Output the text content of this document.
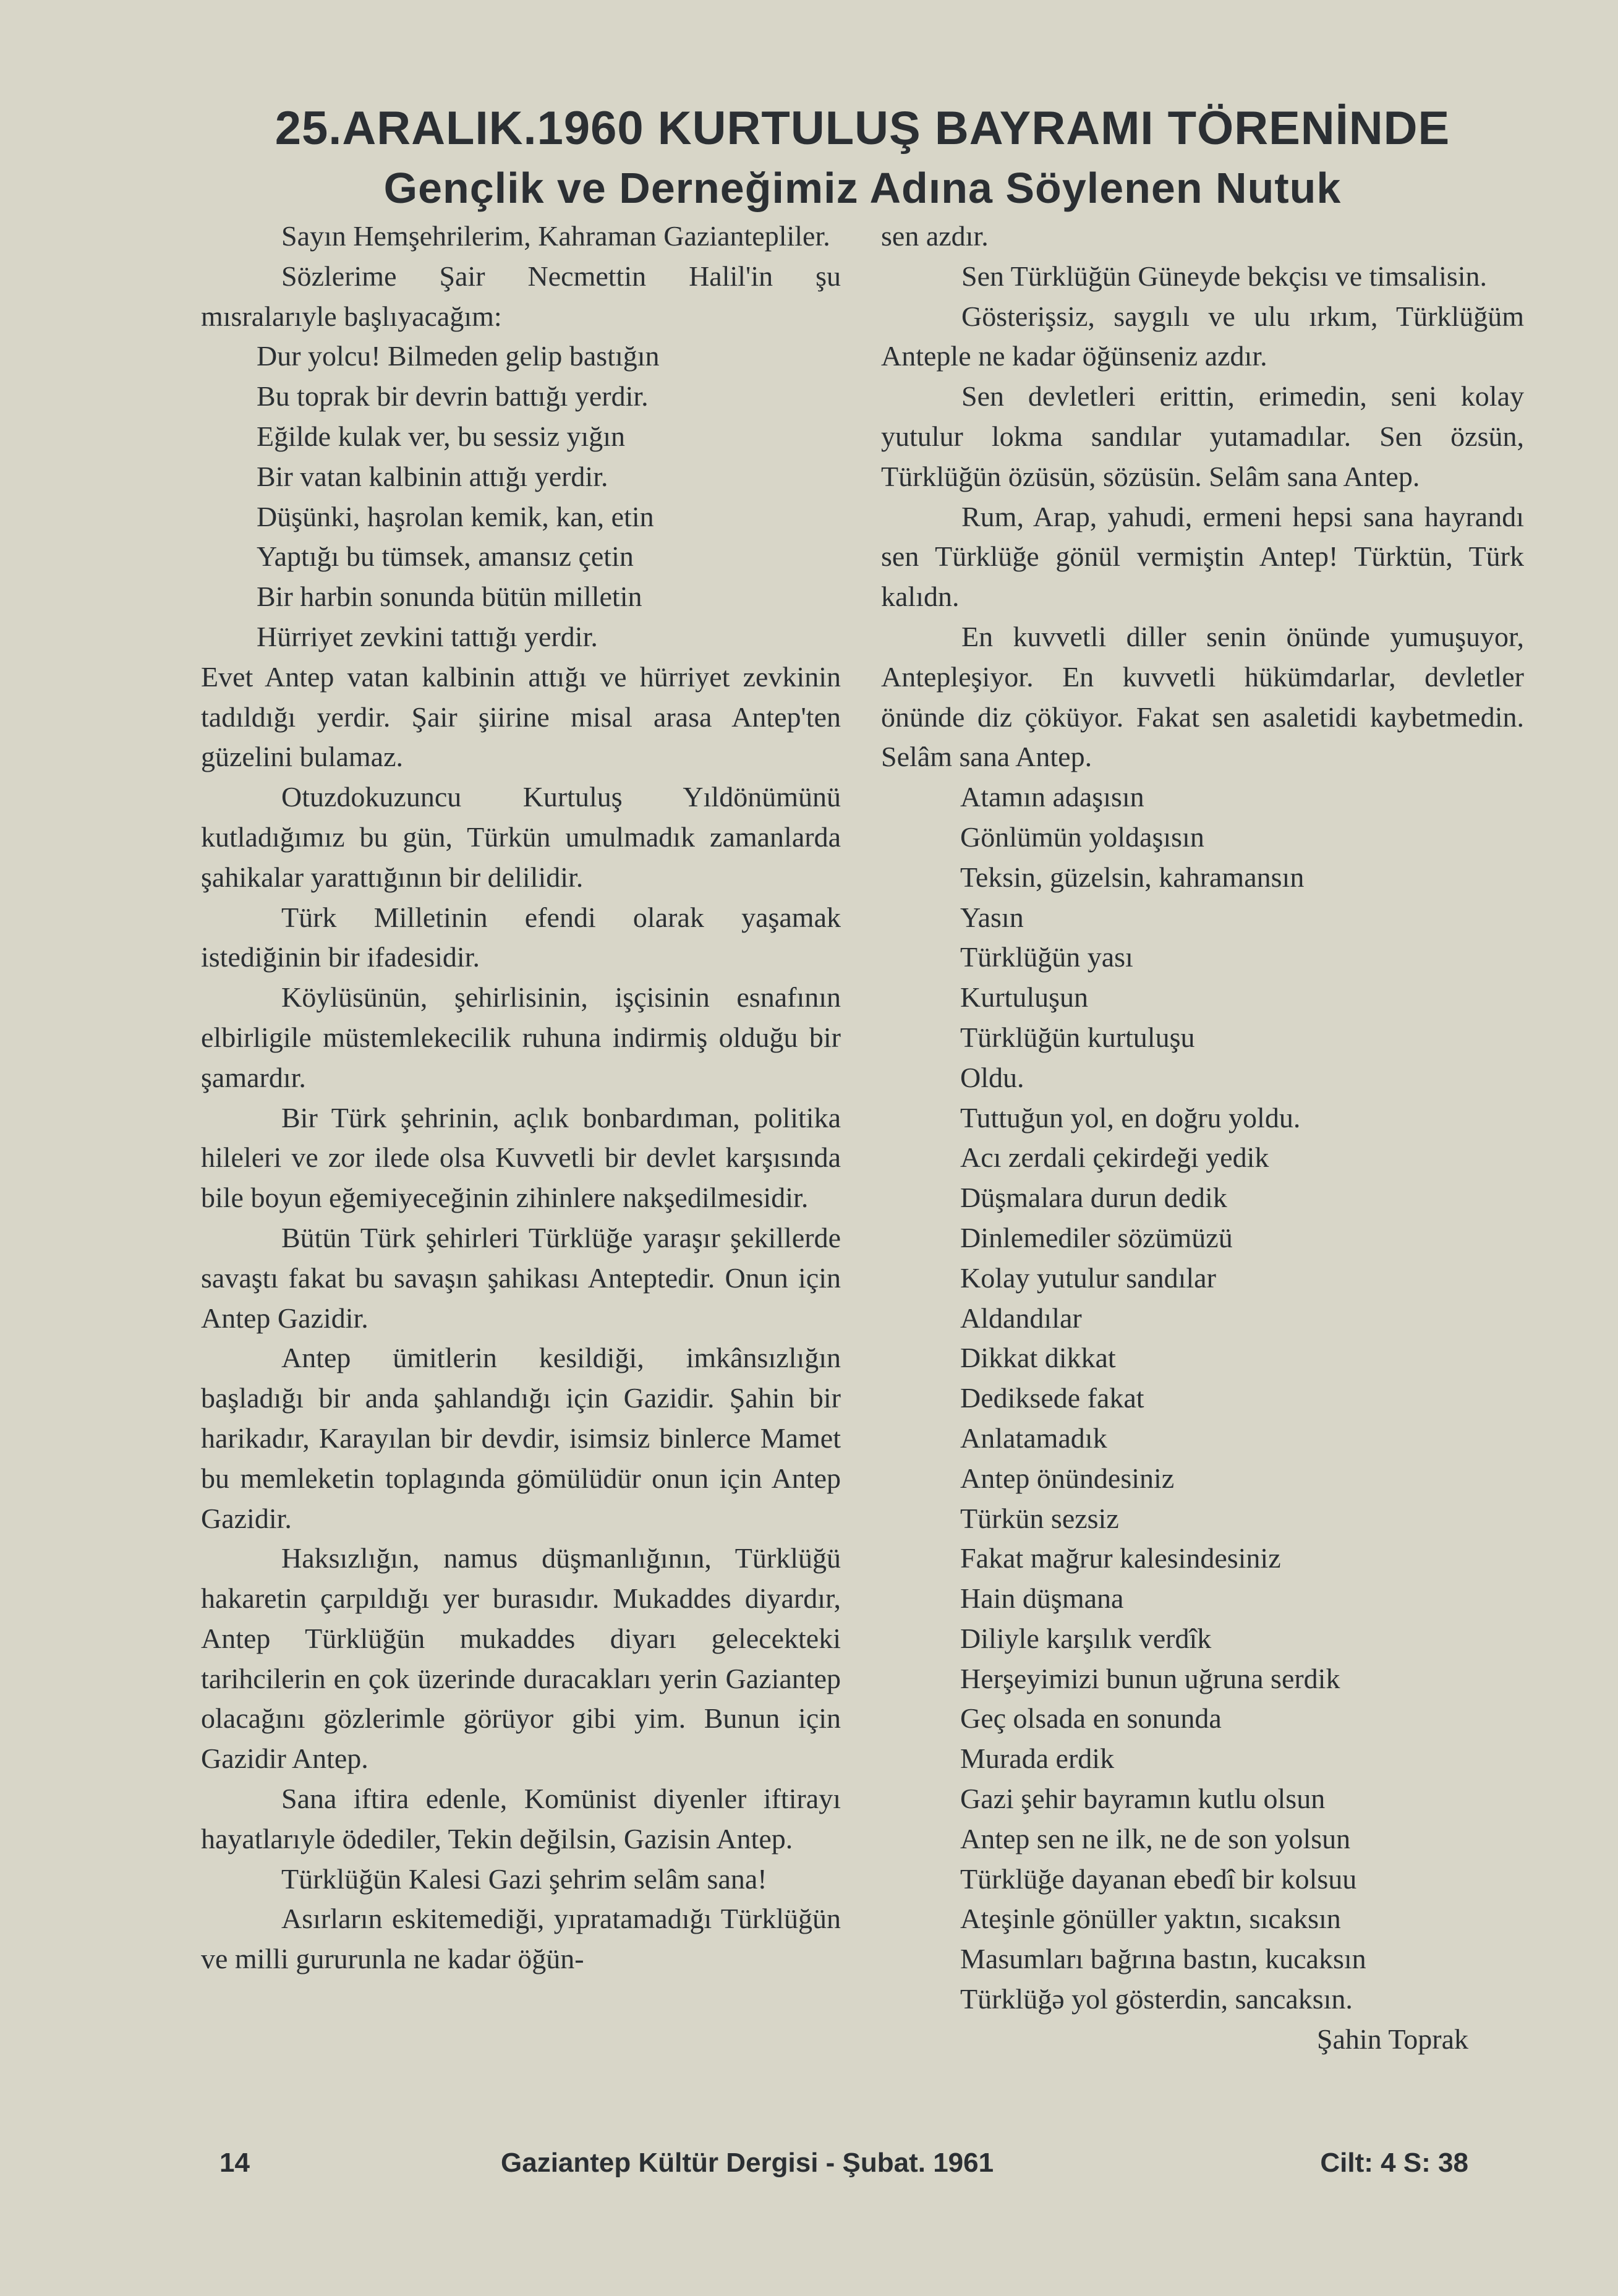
25.ARALIK.1960 KURTULUŞ BAYRAMI TÖRENİNDE
Gençlik ve Derneğimiz Adına Söylenen Nutuk

Sayın Hemşehrilerim, Kahraman Gaziantepliler.

Sözlerime Şair Necmettin Halil'in şu mısralarıyle başlıyacağım:

Dur yolcu! Bilmeden gelip bastığın
Bu toprak bir devrin battığı yerdir.
Eğilde kulak ver, bu sessiz yığın
Bir vatan kalbinin attığı yerdir.
Düşünki, haşrolan kemik, kan, etin
Yaptığı bu tümsek, amansız çetin
Bir harbin sonunda bütün milletin
Hürriyet zevkini tattığı yerdir.

Evet Antep vatan kalbinin attığı ve hürriyet zevkinin tadıldığı yerdir. Şair şiirine misal arasa Antep'ten güzelini bulamaz.

Otuzdokuzuncu Kurtuluş Yıldönümünü kutladığımız bu gün, Türkün umulmadık zamanlarda şahikalar yarattığının bir delilidir.

Türk Milletinin efendi olarak yaşamak istediğinin bir ifadesidir.

Köylüsünün, şehirlisinin, işçisinin esnafının elbirligile müstemlekecilik ruhuna indirmiş olduğu bir şamardır.

Bir Türk şehrinin, açlık bonbardıman, politika hileleri ve zor ilede olsa Kuvvetli bir devlet karşısında bile boyun eğemiyeceğinin zihinlere nakşedilmesidir.

Bütün Türk şehirleri Türklüğe yaraşır şekillerde savaştı fakat bu savaşın şahikası Anteptedir. Onun için Antep Gazidir.

Antep ümitlerin kesildiği, imkânsızlığın başladığı bir anda şahlandığı için Gazidir. Şahin bir harikadır, Karayılan bir devdir, isimsiz binlerce Mamet bu memleketin toplagında gömülüdür onun için Antep Gazidir.

Haksızlığın, namus düşmanlığının, Türklüğü hakaretin çarpıldığı yer burasıdır. Mukaddes diyardır, Antep Türklüğün mukaddes diyarı gelecekteki tarihcilerin en çok üzerinde duracakları yerin Gaziantep olacağını gözlerimle görüyor gibi yim. Bunun için Gazidir Antep.

Sana iftira edenle, Komünist diyenler iftirayı hayatlarıyle ödediler, Tekin değilsin, Gazisin Antep.

Türklüğün Kalesi Gazi şehrim selâm sana!

Asırların eskitemediği, yıpratamadığı Türklüğün ve milli gururunla ne kadar öğün-

sen azdır.

Sen Türklüğün Güneyde bekçisı ve timsalisin.

Gösterişsiz, saygılı ve ulu ırkım, Türklüğüm Anteple ne kadar öğünseniz azdır.

Sen devletleri erittin, erimedin, seni kolay yutulur lokma sandılar yutamadılar. Sen özsün, Türklüğün özüsün, sözüsün. Selâm sana Antep.

Rum, Arap, yahudi, ermeni hepsi sana hayrandı sen Türklüğe gönül vermiştin Antep! Türktün, Türk kalıdn.

En kuvvetli diller senin önünde yumuşuyor, Antepleşiyor. En kuvvetli hükümdarlar, devletler önünde diz çöküyor. Fakat sen asaletidi kaybetmedin. Selâm sana Antep.

Atamın adaşısın
Gönlümün yoldaşısın
Teksin, güzelsin, kahramansın
Yasın
Türklüğün yası
Kurtuluşun
Türklüğün kurtuluşu
Oldu.
Tuttuğun yol, en doğru yoldu.
Acı zerdali çekirdeği yedik
Düşmalara durun dedik
Dinlemediler sözümüzü
Kolay yutulur sandılar
Aldandılar
Dikkat dikkat
Dediksede fakat
Anlatamadık
Antep önündesiniz
Türkün sezsiz
Fakat mağrur kalesindesiniz
Hain düşmana
Diliyle karşılık verdîk
Herşeyimizi bunun uğruna serdik
Geç olsada en sonunda
Murada erdik
Gazi şehir bayramın kutlu olsun
Antep sen ne ilk, ne de son yolsun
Türklüğe dayanan ebedî bir kolsuu
Ateşinle gönüller yaktın, sıcaksın
Masumları bağrına bastın, kucaksın
Türklüğə yol gösterdin, sancaksın.

Şahin Toprak

14	Gaziantep Kültür Dergisi - Şubat. 1961	Cilt: 4 S: 38
